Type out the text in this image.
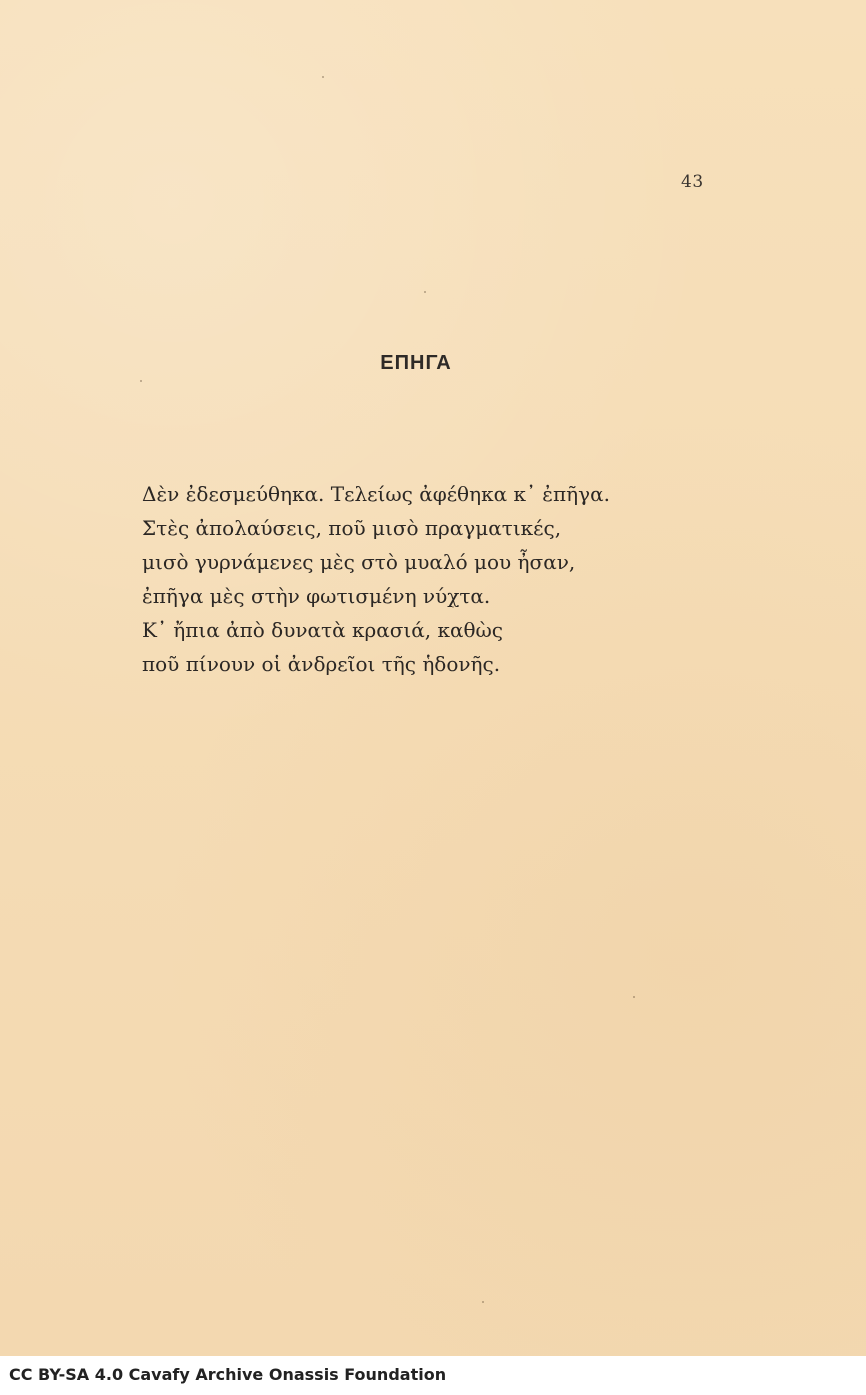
43
ΕΠΗΓΑ
Δὲν ἐδεσμεύθηκα. Τελείως ἀφέθηκα κ᾽ ἐπῆγα.
Στὲς ἀπολαύσεις, ποῦ μισὸ πραγματικές,
μισὸ γυρνάμενες μὲς στὸ μυαλό μου ἦσαν,
ἐπῆγα μὲς στὴν φωτισμένη νύχτα.
Κ᾽ ἤπια ἀπὸ δυνατὰ κρασιά, καθὼς
ποῦ πίνουν οἱ ἀνδρεῖοι τῆς ἡδονῆς.
CC BY-SA 4.0 Cavafy Archive Onassis Foundation
